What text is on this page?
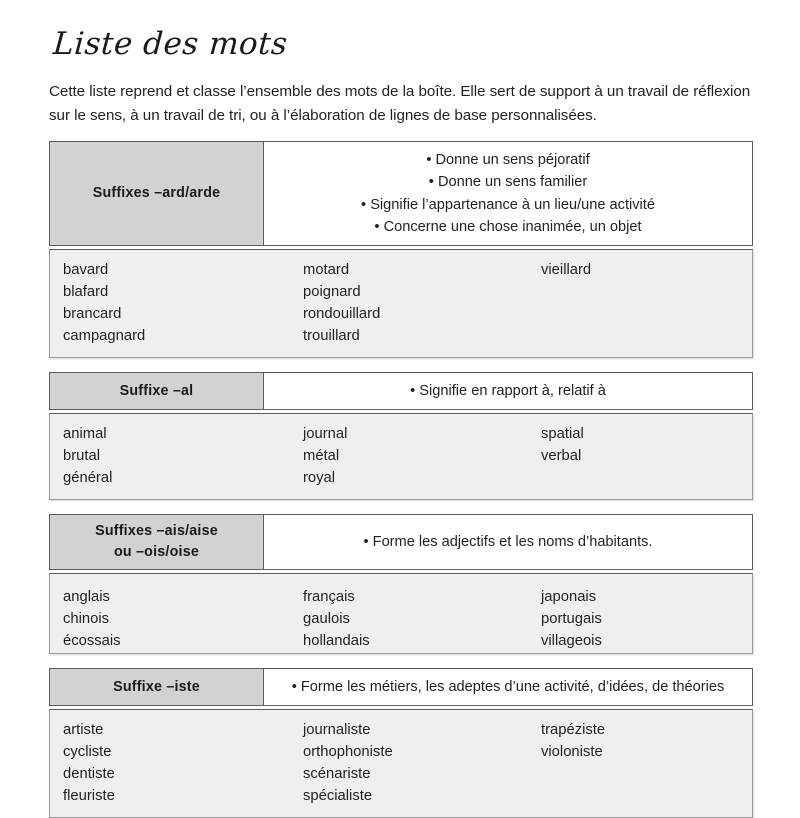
Liste des mots

Cette liste reprend et classe l’ensemble des mots de la boîte. Elle sert de support à un travail de réflexion sur le sens, à un travail de tri, ou à l’élaboration de lignes de base personnalisées.

Suffixes –ard/arde
• Donne un sens péjoratif
• Donne un sens familier
• Signifie l’appartenance à un lieu/une activité
• Concerne une chose inanimée, un objet
bavard	motard	vieillard
blafard	poignard
brancard	rondouillard
campagnard	trouillard
Suffixe –al	• Signifie en rapport à, relatif à
animal	journal	spatial
brutal	métal	verbal
général	royal
Suffixes –ais/aise
ou –ois/oise
• Forme les adjectifs et les noms d’habitants.
anglais	français	japonais
chinois	gaulois	portugais
écossais	hollandais	villageois
Suffixe –iste	• Forme les métiers, les adeptes d’une activité, d’idées, de théories
artiste	journaliste	trapéziste
cycliste	orthophoniste	violoniste
dentiste	scénariste
fleuriste	spécialiste
